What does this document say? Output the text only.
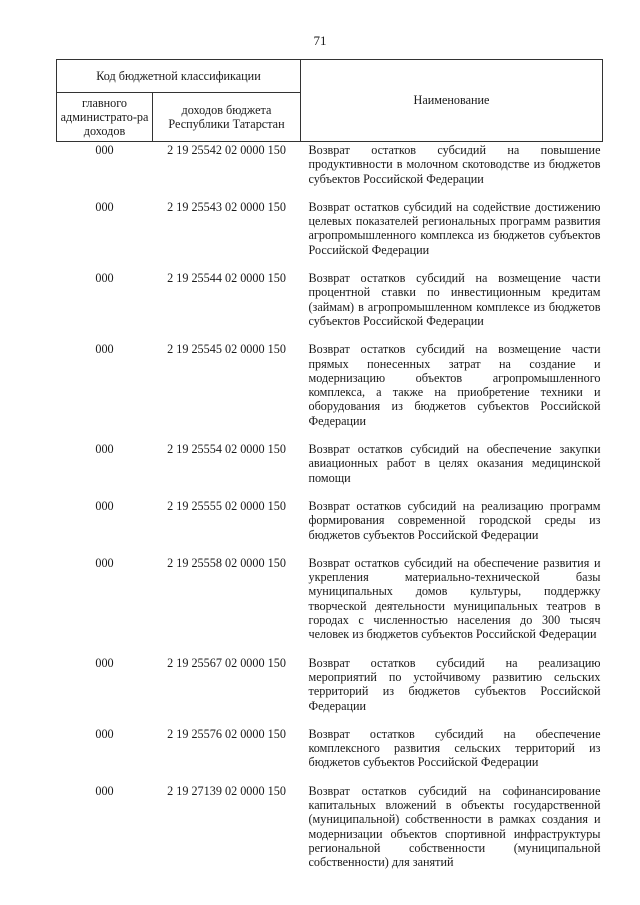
71
Код бюджетной классификации		Наименование
главного администрато-ра доходов	доходов бюджета Республики Татарстан	
000	2 19 25542 02 0000 150	Возврат остатков субсидий на повышение продуктивности в молочном скотоводстве из бюджетов субъектов Российской Федерации
000	2 19 25543 02 0000 150	Возврат остатков субсидий на содействие достижению целевых показателей региональных программ развития агропромышленного комплекса из бюджетов субъектов Российской Федерации
000	2 19 25544 02 0000 150	Возврат остатков субсидий на возмещение части процентной ставки по инвестиционным кредитам (займам) в агропромышленном комплексе из бюджетов субъектов Российской Федерации
000	2 19 25545 02 0000 150	Возврат остатков субсидий на возмещение части прямых понесенных затрат на создание и модернизацию объектов агропромышленного комплекса, а также на приобретение техники и оборудования из бюджетов субъектов Российской Федерации
000	2 19 25554 02 0000 150	Возврат остатков субсидий на обеспечение закупки авиационных работ в целях оказания медицинской помощи
000	2 19 25555 02 0000 150	Возврат остатков субсидий на реализацию программ формирования современной городской среды из бюджетов субъектов Российской Федерации
000	2 19 25558 02 0000 150	Возврат остатков субсидий на обеспечение развития и укрепления материально-технической базы муниципальных домов культуры, поддержку творческой деятельности муниципальных театров в городах с численностью населения до 300 тысяч человек из бюджетов субъектов Российской Федерации
000	2 19 25567 02 0000 150	Возврат остатков субсидий на реализацию мероприятий по устойчивому развитию сельских территорий из бюджетов субъектов Российской Федерации
000	2 19 25576 02 0000 150	Возврат остатков субсидий на обеспечение комплексного развития сельских территорий из бюджетов субъектов Российской Федерации
000	2 19 27139 02 0000 150	Возврат остатков субсидий на софинансирование капитальных вложений в объекты государственной (муниципальной) собственности в рамках создания и модернизации объектов спортивной инфраструктуры региональной собственности (муниципальной собственности) для занятий
